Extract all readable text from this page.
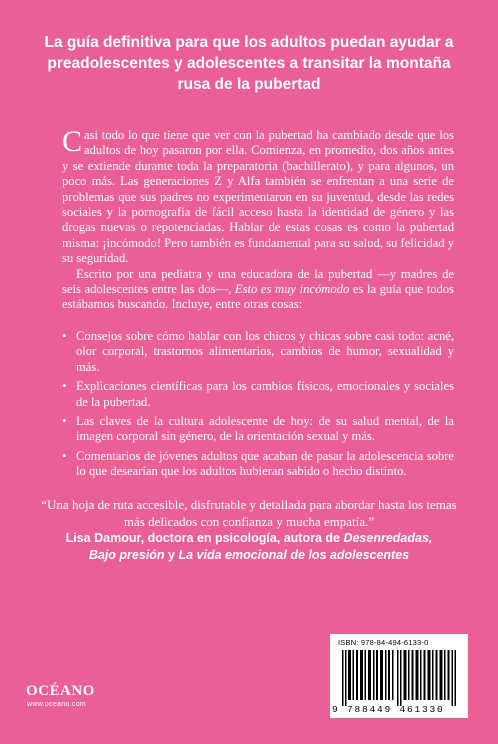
La guía definitiva para que los adultos puedan ayudar a preadolescentes y adolescentes a transitar la montaña rusa de la pubertad

Casi todo lo que tiene que ver con la pubertad ha cambiado desde que los adultos de hoy pasaron por ella. Comienza, en promedio, dos años antes y se extiende durante toda la preparatoria (bachillerato), y para algunos, un poco más. Las generaciones Z y Alfa también se enfrentan a una serie de problemas que sus padres no experimentaron en su juventud, desde las redes sociales y la pornografía de fácil acceso hasta la identidad de género y las drogas nuevas o repotenciadas. Hablar de estas cosas es como la pubertad misma: ¡incómodo! Pero también es fundamental para su salud, su felicidad y su seguridad.

Escrito por una pediatra y una educadora de la pubertad —y madres de seis adolescentes entre las dos—, Esto es muy incómodo es la guía que todos estábamos buscando. Incluye, entre otras cosas:

• Consejos sobre cómo hablar con los chicos y chicas sobre casi todo: acné, olor corporal, trastornos alimentarios, cambios de humor, sexualidad y más.
• Explicaciones científicas para los cambios físicos, emocionales y sociales de la pubertad.
• Las claves de la cultura adolescente de hoy: de su salud mental, de la imagen corporal sin género, de la orientación sexual y más.
• Comentarios de jóvenes adultos que acaban de pasar la adolescencia sobre lo que desearían que los adultos hubieran sabido o hecho distinto.
“Una hoja de ruta accesible, disfrutable y detallada para abordar hasta los temas más delicados con confianza y mucha empatía.”
Lisa Damour, doctora en psicología, autora de Desenredadas,
Bajo presión y La vida emocional de los adolescentes
OCÉANO
www.oceano.com
ISBN: 978-84-494-6133-0
9 788449 461330
